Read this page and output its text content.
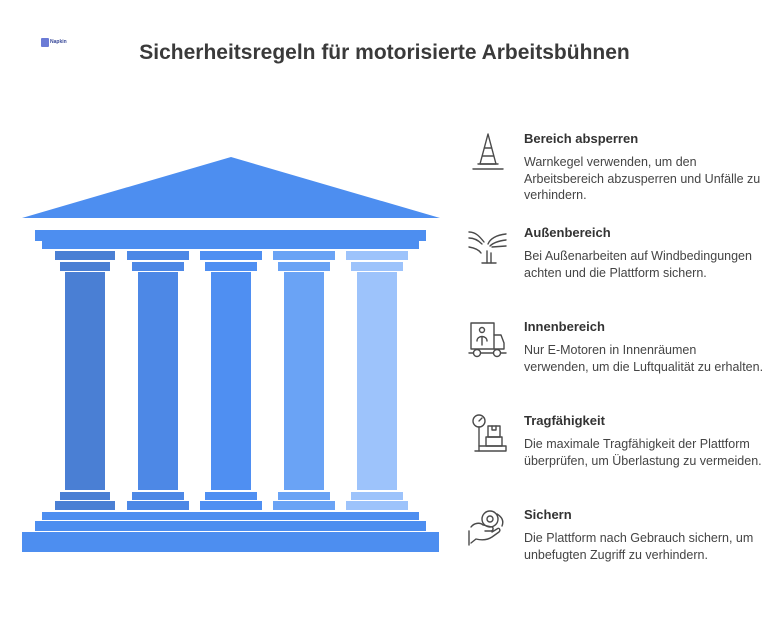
Napkin	Sicherheitsregeln für motorisierte Arbeitsbühnen
Bereich absperren
Warnkegel verwenden, um den Arbeitsbereich abzusperren und Unfälle zu verhindern.
Außenbereich
Bei Außenarbeiten auf Windbedingungen achten und die Plattform sichern.
Innenbereich
Nur E-Motoren in Innenräumen verwenden, um die Luftqualität zu erhalten.
Tragfähigkeit
Die maximale Tragfähigkeit der Plattform überprüfen, um Überlastung zu vermeiden.
Sichern
Die Plattform nach Gebrauch sichern, um unbefugten Zugriff zu verhindern.
